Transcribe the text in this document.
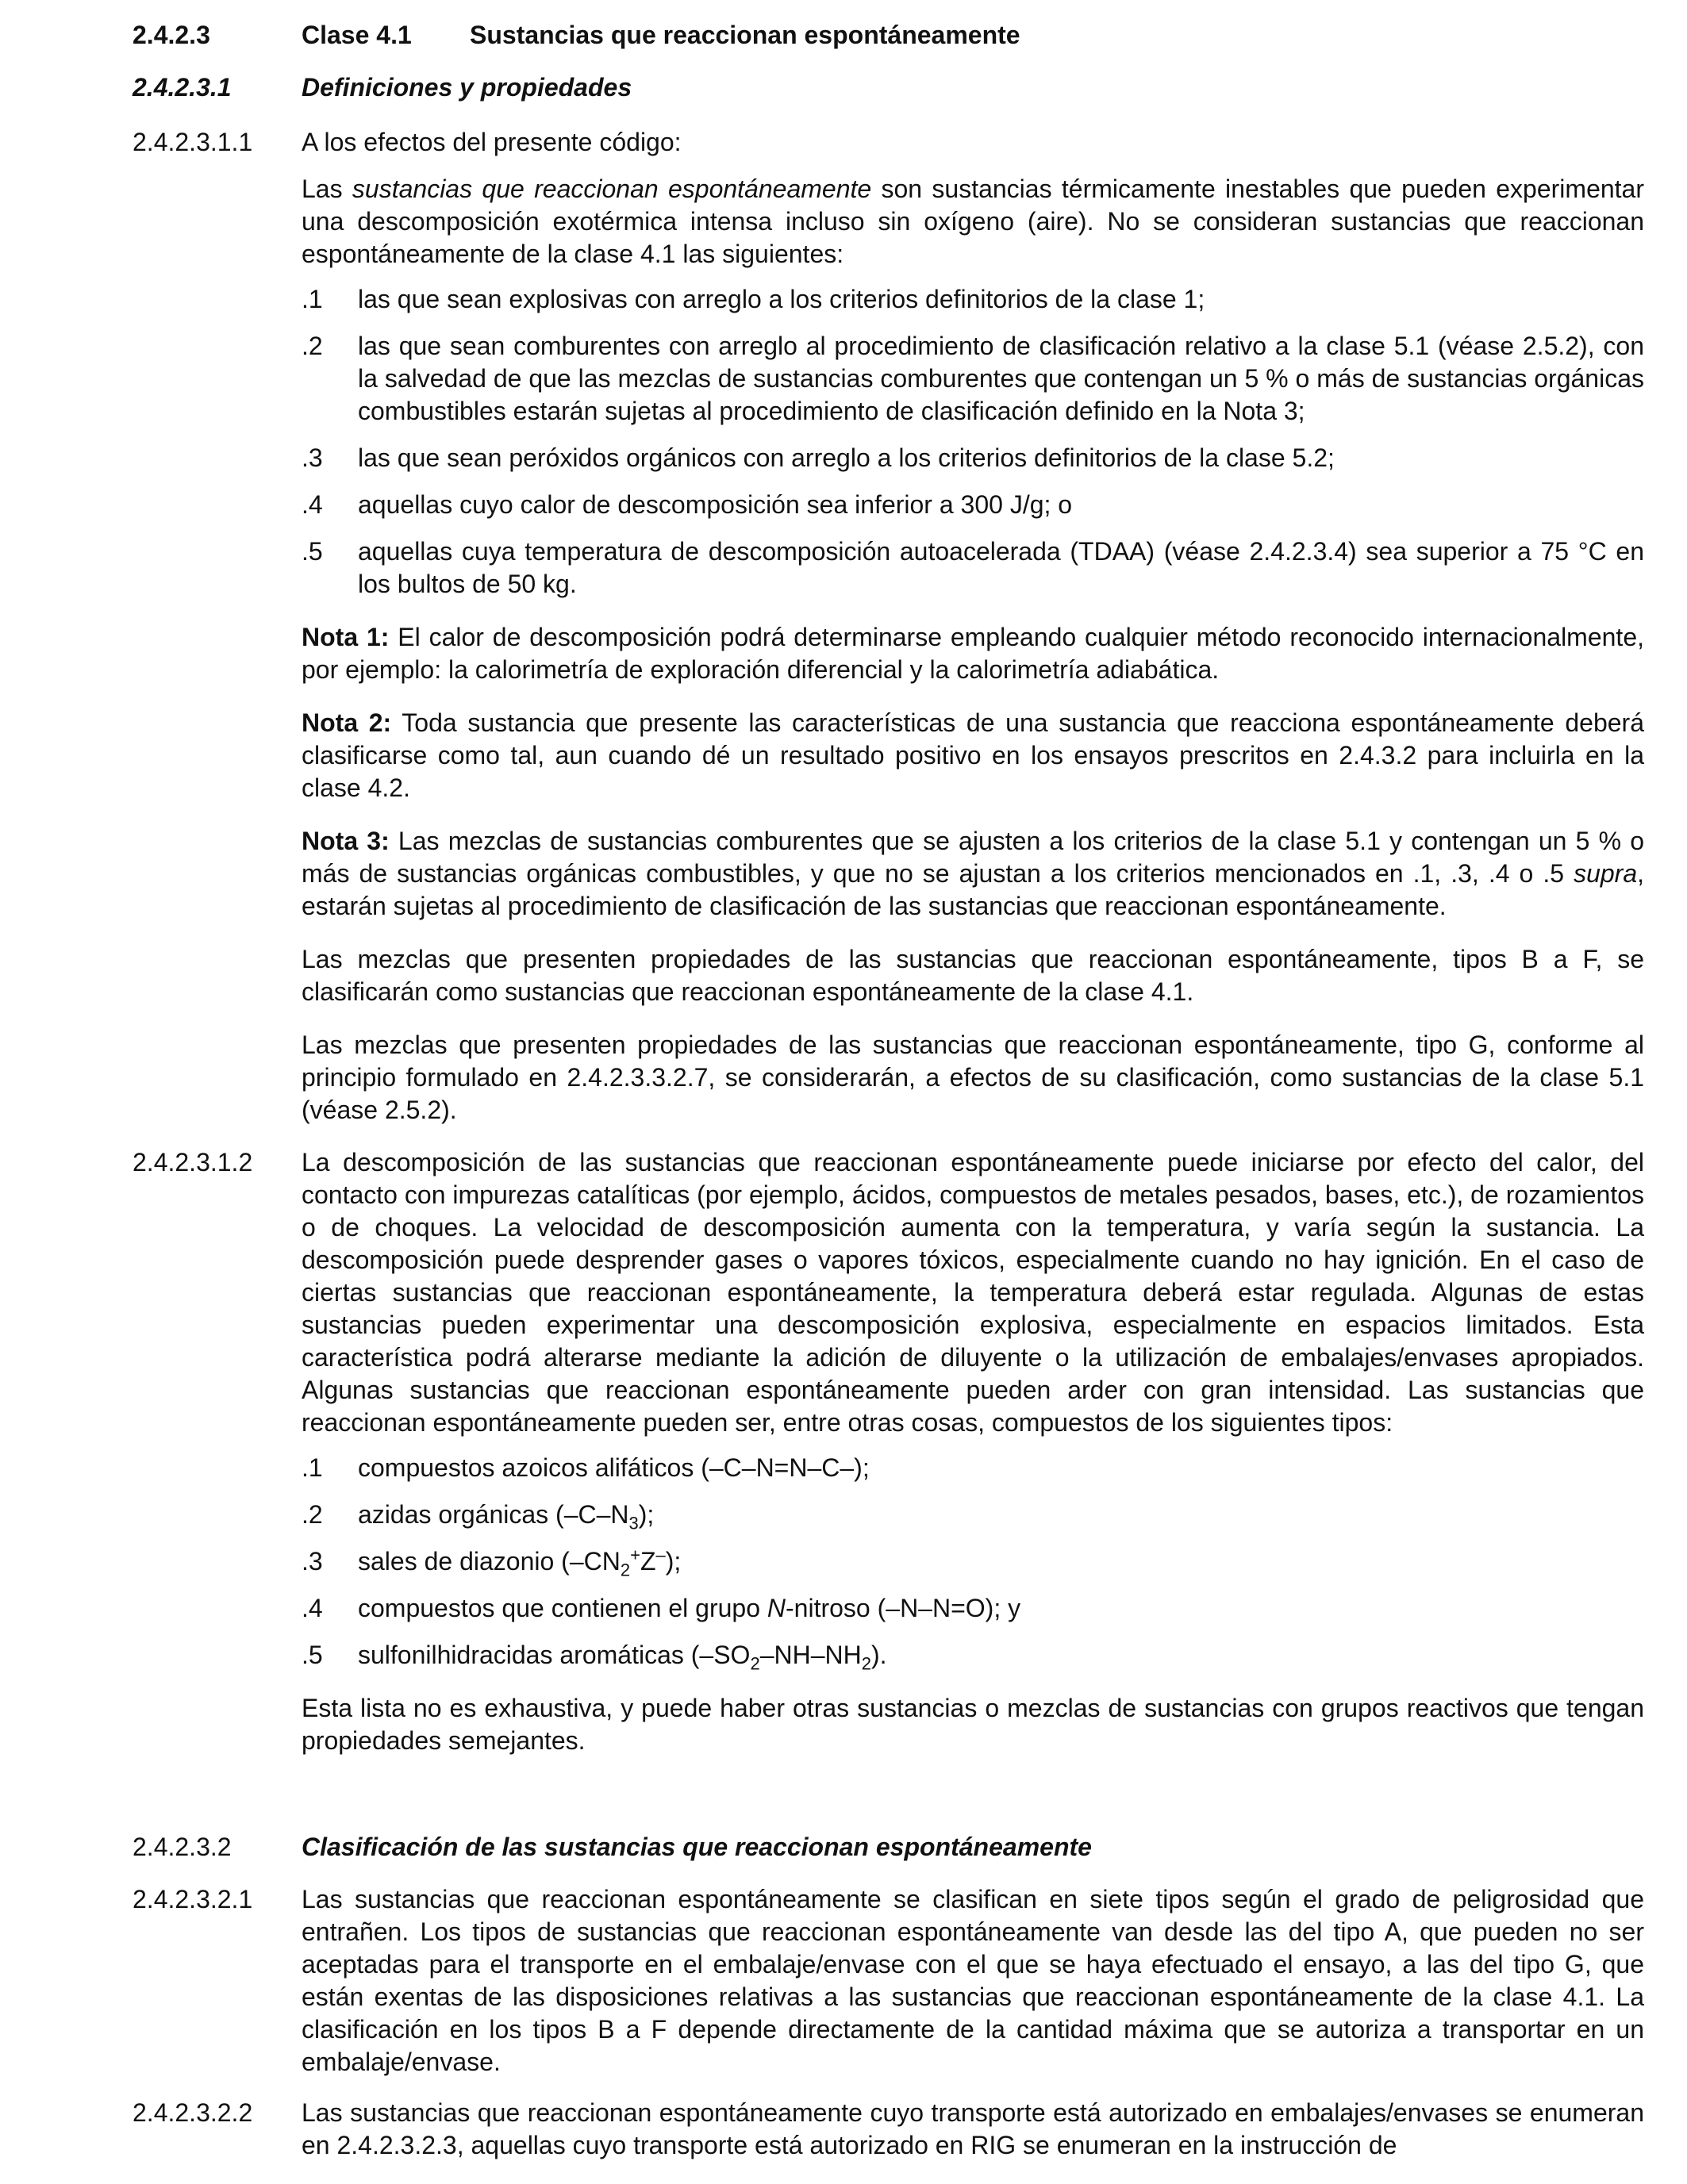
2.4.2.3	Clase 4.1 Sustancias que reaccionan espontáneamente
2.4.2.3.1	Definiciones y propiedades
2.4.2.3.1.1 A los efectos del presente código:

Las sustancias que reaccionan espontáneamente son sustancias térmicamente inestables que pueden experimentar una descomposición exotérmica intensa incluso sin oxígeno (aire). No se consideran sustancias que reaccionan espontáneamente de la clase 4.1 las siguientes:

.1 las que sean explosivas con arreglo a los criterios definitorios de la clase 1;
.2 las que sean comburentes con arreglo al procedimiento de clasificación relativo a la clase 5.1 (véase 2.5.2), con la salvedad de que las mezclas de sustancias comburentes que contengan un 5 % o más de sustancias orgánicas combustibles estarán sujetas al procedimiento de clasificación definido en la Nota 3;
.3 las que sean peróxidos orgánicos con arreglo a los criterios definitorios de la clase 5.2;
.4 aquellas cuyo calor de descomposición sea inferior a 300 J/g; o
.5 aquellas cuya temperatura de descomposición autoacelerada (TDAA) (véase 2.4.2.3.4) sea superior a 75 °C en los bultos de 50 kg.

Nota 1: El calor de descomposición podrá determinarse empleando cualquier método reconocido internacionalmente, por ejemplo: la calorimetría de exploración diferencial y la calorimetría adiabática.

Nota 2: Toda sustancia que presente las características de una sustancia que reacciona espontáneamente deberá clasificarse como tal, aun cuando dé un resultado positivo en los ensayos prescritos en 2.4.3.2 para incluirla en la clase 4.2.

Nota 3: Las mezclas de sustancias comburentes que se ajusten a los criterios de la clase 5.1 y contengan un 5 % o más de sustancias orgánicas combustibles, y que no se ajustan a los criterios mencionados en .1, .3, .4 o .5 supra, estarán sujetas al procedimiento de clasificación de las sustancias que reaccionan espontáneamente.

Las mezclas que presenten propiedades de las sustancias que reaccionan espontáneamente, tipos B a F, se clasificarán como sustancias que reaccionan espontáneamente de la clase 4.1.

Las mezclas que presenten propiedades de las sustancias que reaccionan espontáneamente, tipo G, conforme al principio formulado en 2.4.2.3.3.2.7, se considerarán, a efectos de su clasificación, como sustancias de la clase 5.1 (véase 2.5.2).

2.4.2.3.1.2 La descomposición de las sustancias que reaccionan espontáneamente puede iniciarse por efecto del calor, del contacto con impurezas catalíticas (por ejemplo, ácidos, compuestos de metales pesados, bases, etc.), de rozamientos o de choques. La velocidad de descomposición aumenta con la temperatura, y varía según la sustancia. La descomposición puede desprender gases o vapores tóxicos, especialmente cuando no hay ignición. En el caso de ciertas sustancias que reaccionan espontáneamente, la temperatura deberá estar regulada. Algunas de estas sustancias pueden experimentar una descomposición explosiva, especialmente en espacios limitados. Esta característica podrá alterarse mediante la adición de diluyente o la utilización de embalajes/envases apropiados. Algunas sustancias que reaccionan espontáneamente pueden arder con gran intensidad. Las sustancias que reaccionan espontáneamente pueden ser, entre otras cosas, compuestos de los siguientes tipos:

.1 compuestos azoicos alifáticos (–C–N=N–C–);
.2 azidas orgánicas $(-C-N_3)$;
.3 sales de diazonio $(-CN_2^+Z^-)$;
.4 compuestos que contienen el grupo N-nitroso (–N–N=O); y
.5 sulfonilhidracidas aromáticas $(-SO_2-NH-NH_2)$.

Esta lista no es exhaustiva, y puede haber otras sustancias o mezclas de sustancias con grupos reactivos que tengan propiedades semejantes.

2.4.2.3.2	Clasificación de las sustancias que reaccionan espontáneamente
2.4.2.3.2.1 Las sustancias que reaccionan espontáneamente se clasifican en siete tipos según el grado de peligrosidad que entrañen. Los tipos de sustancias que reaccionan espontáneamente van desde las del tipo A, que pueden no ser aceptadas para el transporte en el embalaje/envase con el que se haya efectuado el ensayo, a las del tipo G, que están exentas de las disposiciones relativas a las sustancias que reaccionan espontáneamente de la clase 4.1. La clasificación en los tipos B a F depende directamente de la cantidad máxima que se autoriza a transportar en un embalaje/envase.

2.4.2.3.2.2 Las sustancias que reaccionan espontáneamente cuyo transporte está autorizado en embalajes/envases se enumeran en 2.4.2.3.2.3, aquellas cuyo transporte está autorizado en RIG se enumeran en la instrucción de
